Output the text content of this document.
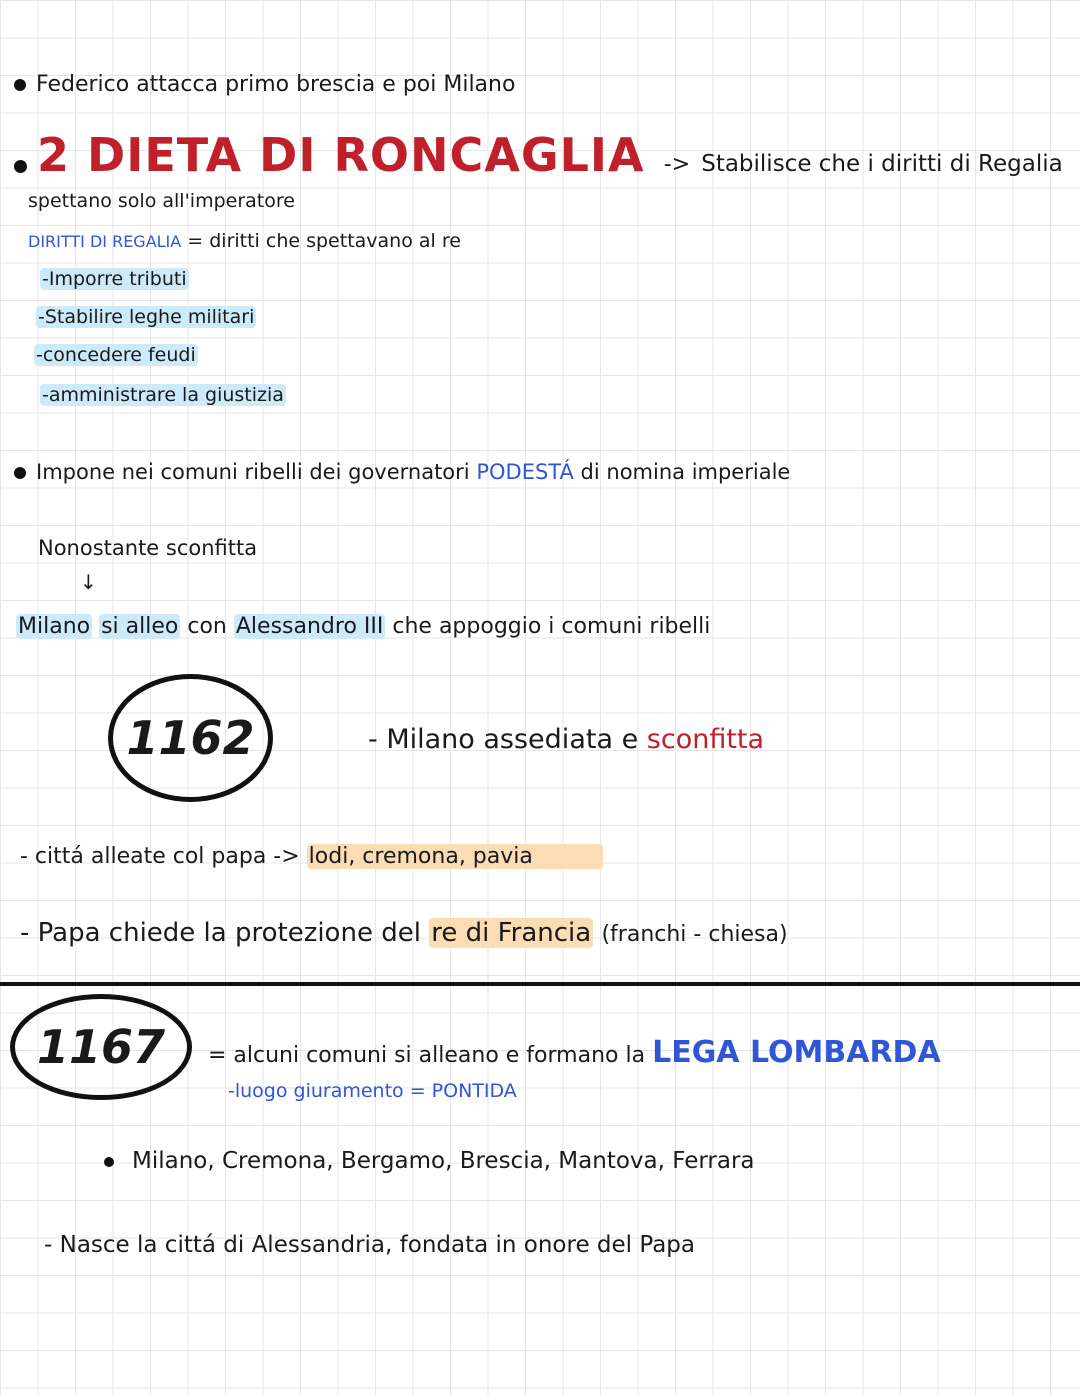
Federico attacca primo brescia e poi Milano
2 DIETA DI RONCAGLIA -> Stabilisce che i diritti di Regalia
spettano solo all'imperatore
DIRITTI DI REGALIA = diritti che spettavano al re
-Imporre tributi
-Stabilire leghe militari
-concedere feudi
-amministrare la giustizia
Impone nei comuni ribelli dei governatori PODESTÁ di nomina imperiale
Nonostante sconfitta
↓
Milano si alleo con Alessandro III che appoggio i comuni ribelli
1162	- Milano assediata e sconfitta
- cittá alleate col papa -> lodi, cremona, pavia
- Papa chiede la protezione del re di Francia (franchi - chiesa)
1167 = alcuni comuni si alleano e formano la LEGA LOMBARDA
-luogo giuramento = PONTIDA
Milano, Cremona, Bergamo, Brescia, Mantova, Ferrara
- Nasce la cittá di Alessandria, fondata in onore del Papa
